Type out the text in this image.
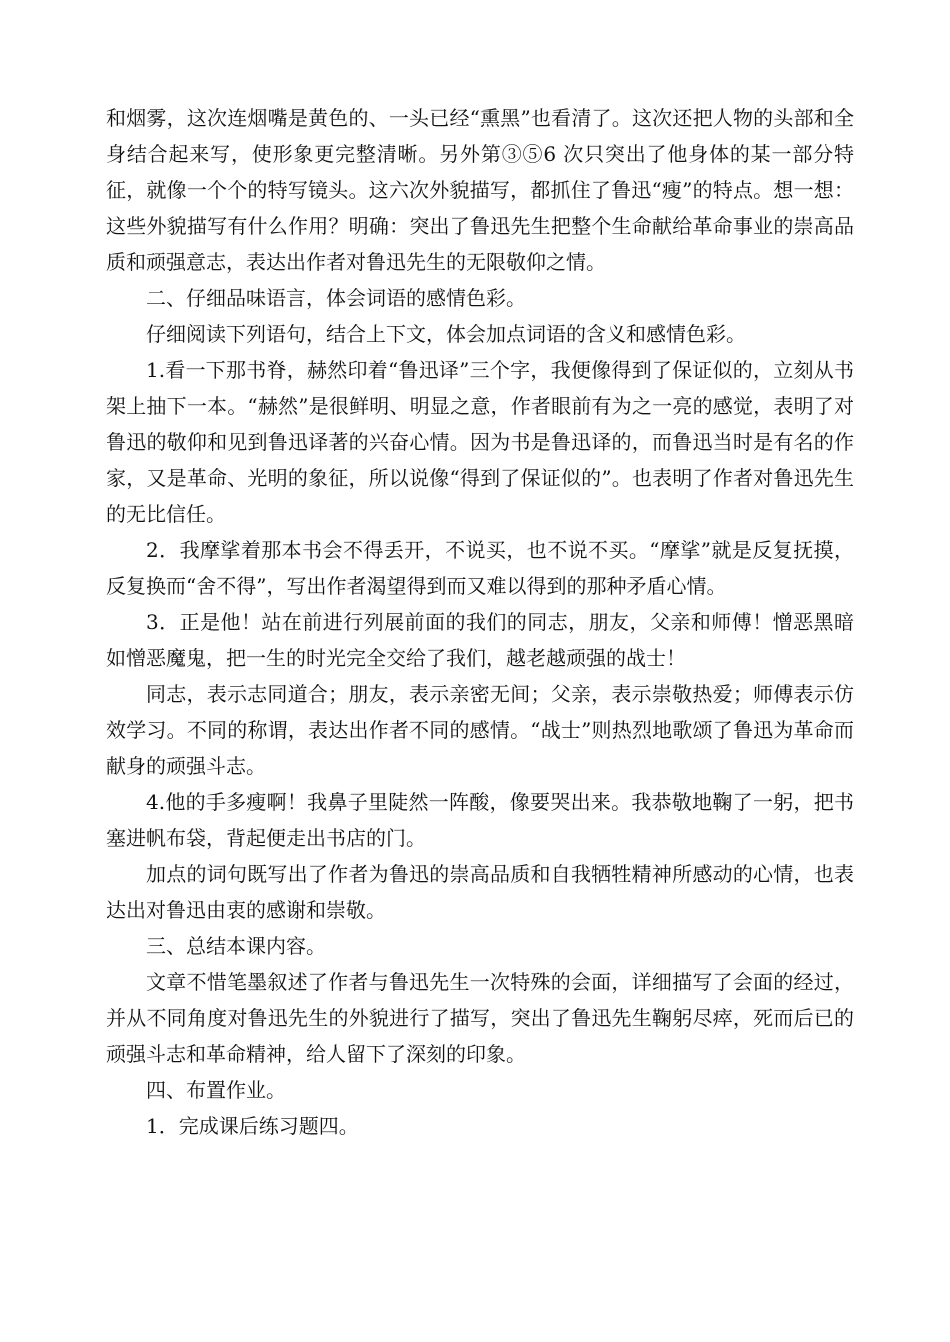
和烟雾，这次连烟嘴是黄色的、一头已经“熏黑”也看清了。这次还把人物的头部和全身结合起来写，使形象更完整清晰。另外第③⑤6 次只突出了他身体的某一部分特征，就像一个个的特写镜头。这六次外貌描写，都抓住了鲁迅“瘦”的特点。想一想：这些外貌描写有什么作用？明确：突出了鲁迅先生把整个生命献给革命事业的崇高品质和顽强意志，表达出作者对鲁迅先生的无限敬仰之情。

二、仔细品味语言，体会词语的感情色彩。

仔细阅读下列语句，结合上下文，体会加点词语的含义和感情色彩。

1.看一下那书脊，赫然印着“鲁迅译”三个字，我便像得到了保证似的，立刻从书架上抽下一本。“赫然”是很鲜明、明显之意，作者眼前有为之一亮的感觉，表明了对鲁迅的敬仰和见到鲁迅译著的兴奋心情。因为书是鲁迅译的，而鲁迅当时是有名的作家，又是革命、光明的象征，所以说像“得到了保证似的”。也表明了作者对鲁迅先生的无比信任。

2．我摩挲着那本书会不得丢开，不说买，也不说不买。“摩挲”就是反复抚摸，反复换而“舍不得”，写出作者渴望得到而又难以得到的那种矛盾心情。

3．正是他！站在前进行列展前面的我们的同志，朋友，父亲和师傅！憎恶黑暗如憎恶魔鬼，把一生的时光完全交给了我们，越老越顽强的战士！

同志，表示志同道合；朋友，表示亲密无间；父亲，表示崇敬热爱；师傅表示仿效学习。不同的称谓，表达出作者不同的感情。“战士”则热烈地歌颂了鲁迅为革命而献身的顽强斗志。

4.他的手多瘦啊！我鼻子里陡然一阵酸，像要哭出来。我恭敬地鞠了一躬，把书塞进帆布袋，背起便走出书店的门。

加点的词句既写出了作者为鲁迅的崇高品质和自我牺牲精神所感动的心情，也表达出对鲁迅由衷的感谢和崇敬。

三、总结本课内容。

文章不惜笔墨叙述了作者与鲁迅先生一次特殊的会面，详细描写了会面的经过，并从不同角度对鲁迅先生的外貌进行了描写，突出了鲁迅先生鞠躬尽瘁，死而后已的顽强斗志和革命精神，给人留下了深刻的印象。

四、布置作业。

1．完成课后练习题四。
